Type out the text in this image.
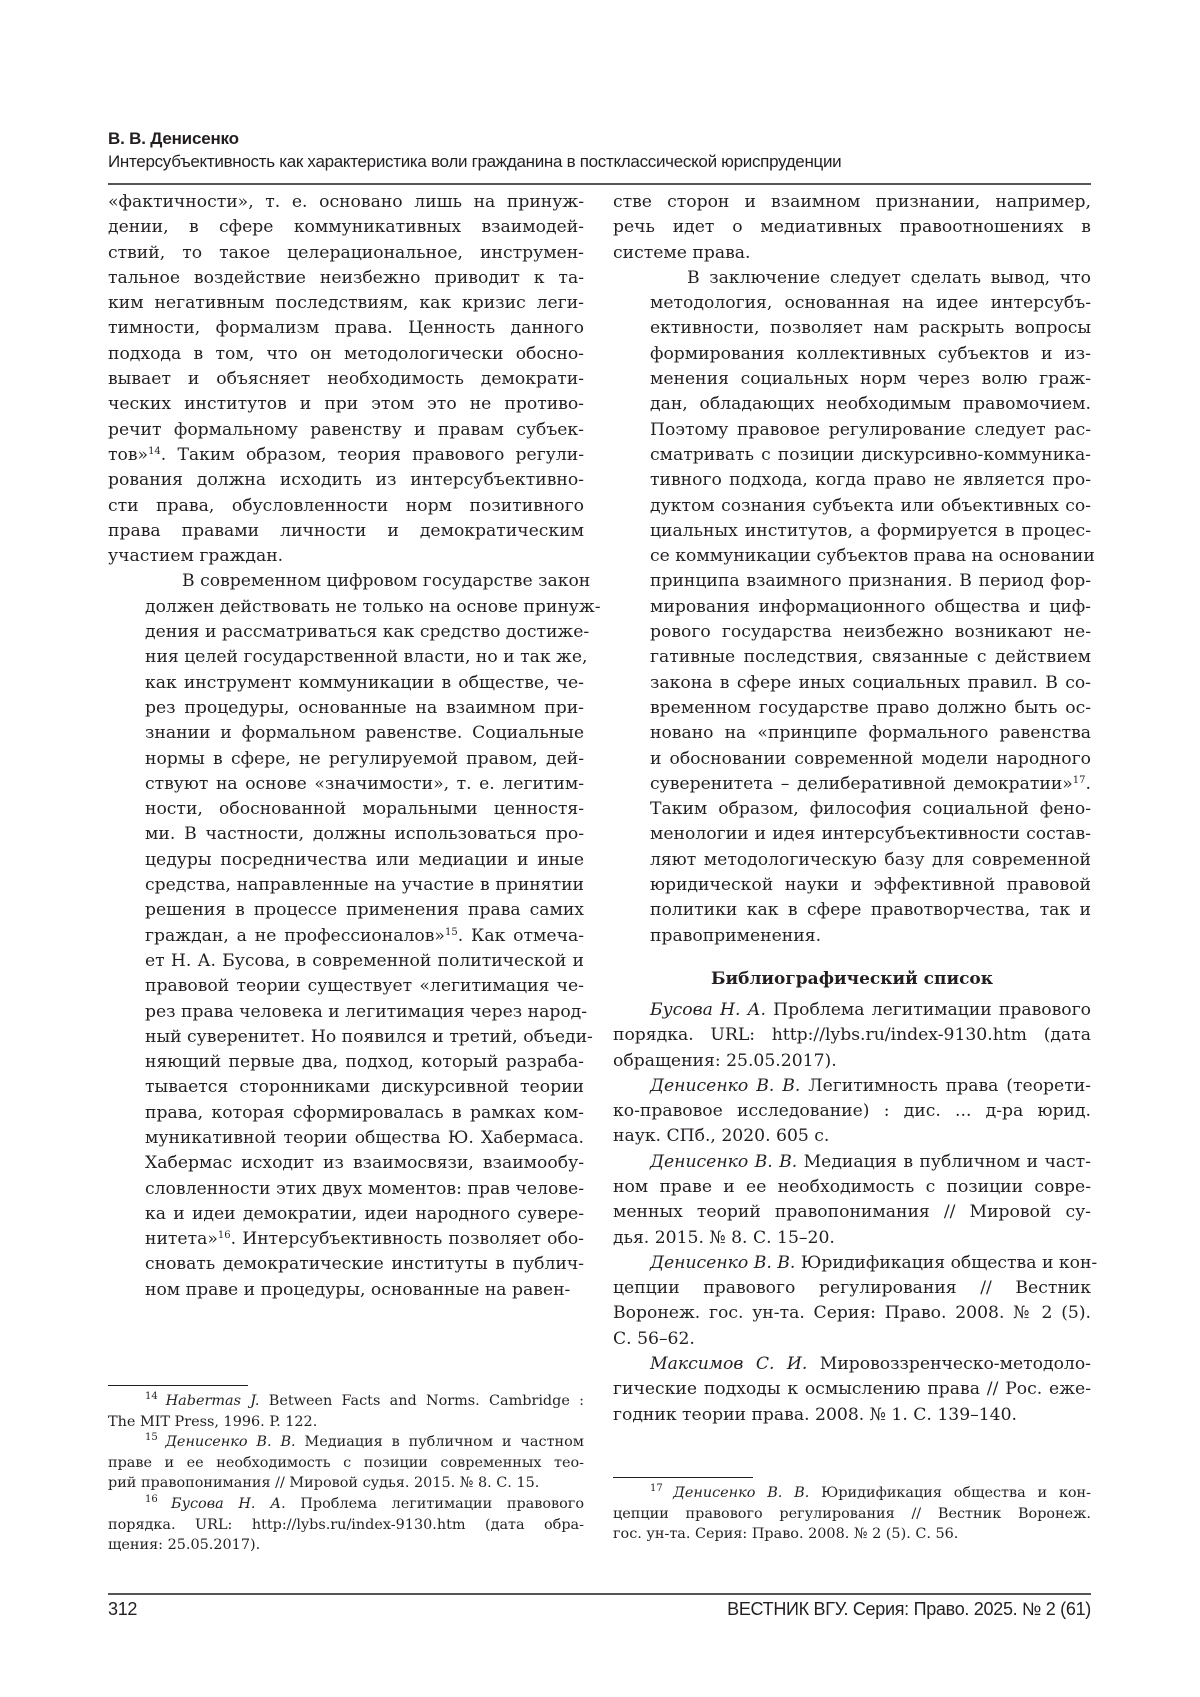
В. В. Денисенко
Интерсубъективность как характеристика воли гражданина в постклассической юриспруденции

«фактичности», т. е. основано лишь на принуж-
дении, в сфере коммуникативных взаимодей-
ствий, то такое целерациональное, инструмен-
тальное воздействие неизбежно приводит к та-
ким негативным последствиям, как кризис леги-
тимности, формализм права. Ценность данного
подхода в том, что он методологически обосно-
вывает и объясняет необходимость демократи-
ческих институтов и при этом это не противо-
речит формальному равенству и правам субъек-
тов»$^{14}$. Таким образом, теория правового регули-
рования должна исходить из интерсубъективно-
сти права, обусловленности норм позитивного
права правами личности и демократическим
участием граждан.

В современном цифровом государстве закон
должен действовать не только на основе принуж-
дения и рассматриваться как средство достиже-
ния целей государственной власти, но и так же,
как инструмент коммуникации в обществе, че-
рез процедуры, основанные на взаимном при-
знании и формальном равенстве. Социальные
нормы в сфере, не регулируемой правом, дей-
ствуют на основе «значимости», т. е. легитим-
ности, обоснованной моральными ценностя-
ми. В частности, должны использоваться про-
цедуры посредничества или медиации и иные
средства, направленные на участие в принятии
решения в процессе применения права самих
граждан, а не профессионалов»$^{15}$. Как отмеча-
ет Н. А. Бусова, в современной политической и
правовой теории существует «легитимация че-
рез права человека и легитимация через народ-
ный суверенитет. Но появился и третий, объеди-
няющий первые два, подход, который разраба-
тывается сторонниками дискурсивной теории
права, которая сформировалась в рамках ком-
муникативной теории общества Ю. Хабермаса.
Хабермас исходит из взаимосвязи, взаимообу-
словленности этих двух моментов: прав челове-
ка и идеи демократии, идеи народного сувере-
нитета»$^{16}$. Интерсубъективность позволяет обо-
сновать демократические институты в публич-
ном праве и процедуры, основанные на равен-

стве сторон и взаимном признании, например,
речь идет о медиативных правоотношениях в
системе права.

В заключение следует сделать вывод, что
методология, основанная на идее интерсубъ-
ективности, позволяет нам раскрыть вопросы
формирования коллективных субъектов и из-
менения социальных норм через волю граж-
дан, обладающих необходимым правомочием.
Поэтому правовое регулирование следует рас-
сматривать с позиции дискурсивно-коммуника-
тивного подхода, когда право не является про-
дуктом сознания субъекта или объективных со-
циальных институтов, а формируется в процес-
се коммуникации субъектов права на основании
принципа взаимного признания. В период фор-
мирования информационного общества и циф-
рового государства неизбежно возникают не-
гативные последствия, связанные с действием
закона в сфере иных социальных правил. В со-
временном государстве право должно быть ос-
новано на «принципе формального равенства
и обосновании современной модели народного
суверенитета – делиберативной демократии»$^{17}$.
Таким образом, философия социальной фено-
менологии и идея интерсубъективности состав-
ляют методологическую базу для современной
юридической науки и эффективной правовой
политики как в сфере правотворчества, так и
правоприменения.

Библиографический список
Бусова Н. А. Проблема легитимации правового
порядка. URL: http://lybs.ru/index-9130.htm (дата
обращения: 25.05.2017).
Денисенко В. В. Легитимность права (теорети-
ко-правовое исследование) : дис. ... д-ра юрид.
наук. СПб., 2020. 605 с.
Денисенко В. В. Медиация в публичном и част-
ном праве и ее необходимость с позиции совре-
менных теорий правопонимания // Мировой су-
дья. 2015. № 8. С. 15–20.
Денисенко В. В. Юридификация общества и кон-
цепции правового регулирования // Вестник
Воронеж. гос. ун-та. Серия: Право. 2008. № 2 (5).
С. 56–62.
Максимов С. И. Мировоззренческо-методоло-
гические подходы к осмыслению права // Рос. еже-
годник теории права. 2008. № 1. С. 139–140.
$^{14}$ Habermas J. Between Facts and Norms. Cambridge :
The MIT Press, 1996. P. 122.
$^{15}$ Денисенко В. В. Медиация в публичном и частном
праве и ее необходимость с позиции современных тео-
рий правопонимания // Мировой судья. 2015. № 8. С. 15.
$^{16}$ Бусова Н. А. Проблема легитимации правового
порядка. URL: http://lybs.ru/index-9130.htm (дата обра-
щения: 25.05.2017).
$^{17}$ Денисенко В. В. Юридификация общества и кон-
цепции правового регулирования // Вестник Воронеж.
гос. ун-та. Серия: Право. 2008. № 2 (5). С. 56.
312	ВЕСТНИК ВГУ. Серия: Право. 2025. № 2 (61)
